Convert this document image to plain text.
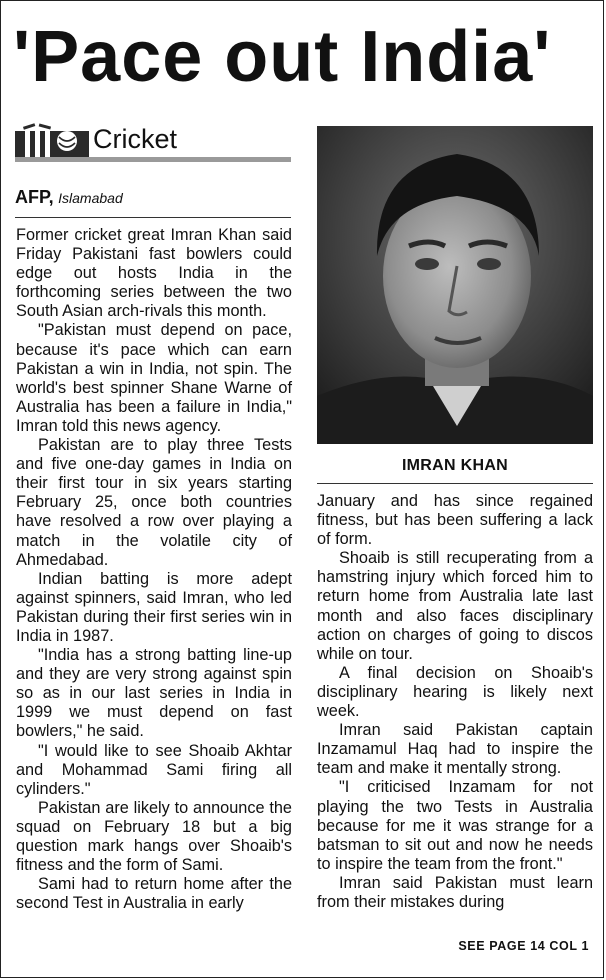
'Pace out India'
Cricket
AFP, Islamabad

Former cricket great Imran Khan said Friday Pakistani fast bowlers could edge out hosts India in the forthcoming series between the two South Asian arch-rivals this month.

"Pakistan must depend on pace, because it's pace which can earn Pakistan a win in India, not spin. The world's best spinner Shane Warne of Australia has been a failure in India," Imran told this news agency.

Pakistan are to play three Tests and five one-day games in India on their first tour in six years starting February 25, once both countries have resolved a row over playing a match in the volatile city of Ahmedabad.

Indian batting is more adept against spinners, said Imran, who led Pakistan during their first series win in India in 1987.

"India has a strong batting line-up and they are very strong against spin so as in our last series in India in 1999 we must depend on fast bowlers," he said.

"I would like to see Shoaib Akhtar and Mohammad Sami firing all cylinders."

Pakistan are likely to announce the squad on February 18 but a big question mark hangs over Shoaib's fitness and the form of Sami.

Sami had to return home after the second Test in Australia in early

IMRAN KHAN

January and has since regained fitness, but has been suffering a lack of form.

Shoaib is still recuperating from a hamstring injury which forced him to return home from Australia late last month and also faces disciplinary action on charges of going to discos while on tour.

A final decision on Shoaib's disciplinary hearing is likely next week.

Imran said Pakistan captain Inzamamul Haq had to inspire the team and make it mentally strong.

"I criticised Inzamam for not playing the two Tests in Australia because for me it was strange for a batsman to sit out and now he needs to inspire the team from the front."

Imran said Pakistan must learn from their mistakes during

SEE PAGE 14 COL 1
